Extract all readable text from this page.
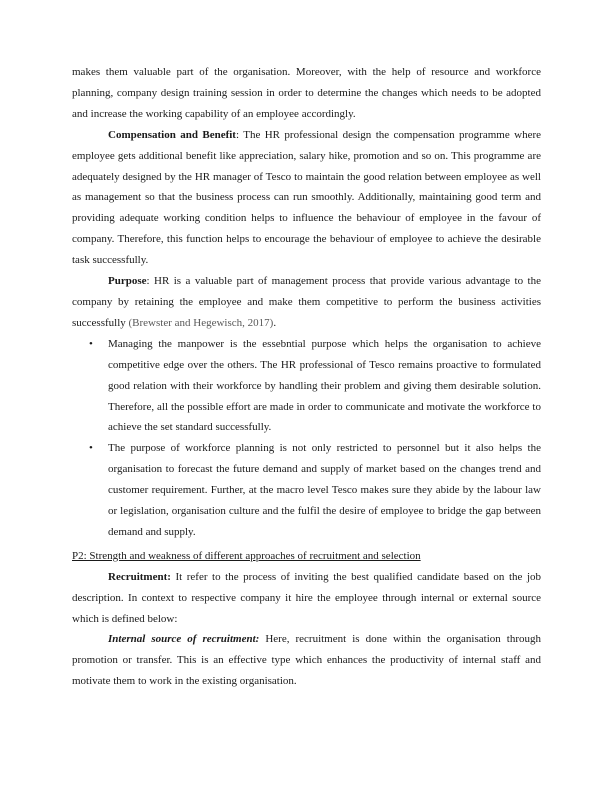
makes them valuable part of the organisation. Moreover, with the help of resource and workforce planning, company design training session in order to determine the changes which needs to be adopted and increase the working capability of an employee accordingly.

Compensation and Benefit: The HR professional design the compensation programme where employee gets additional benefit like appreciation, salary hike, promotion and so on. This programme are adequately designed by the HR manager of Tesco to maintain the good relation between employee as well as management so that the business process can run smoothly. Additionally, maintaining good term and providing adequate working condition helps to influence the behaviour of employee in the favour of company. Therefore, this function helps to encourage the behaviour of employee to achieve the desirable task successfully.

Purpose: HR is a valuable part of management process that provide various advantage to the company by retaining the employee and make them competitive to perform the business activities successfully (Brewster and Hegewisch, 2017).

• Managing the manpower is the essebntial purpose which helps the organisation to achieve competitive edge over the others. The HR professional of Tesco remains proactive to formulated good relation with their workforce by handling their problem and giving them desirable solution. Therefore, all the possible effort are made in order to communicate and motivate the workforce to achieve the set standard successfully.
• The purpose of workforce planning is not only restricted to personnel but it also helps the organisation to forecast the future demand and supply of market based on the changes trend and customer requirement. Further, at the macro level Tesco makes sure they abide by the labour law or legislation, organisation culture and the fulfil the desire of employee to bridge the gap between demand and supply.

P2: Strength and weakness of different approaches of recruitment and selection

Recruitment: It refer to the process of inviting the best qualified candidate based on the job description. In context to respective company it hire the employee through internal or external source which is defined below:

Internal source of recruitment: Here, recruitment is done within the organisation through promotion or transfer. This is an effective type which enhances the productivity of internal staff and motivate them to work in the existing organisation.
